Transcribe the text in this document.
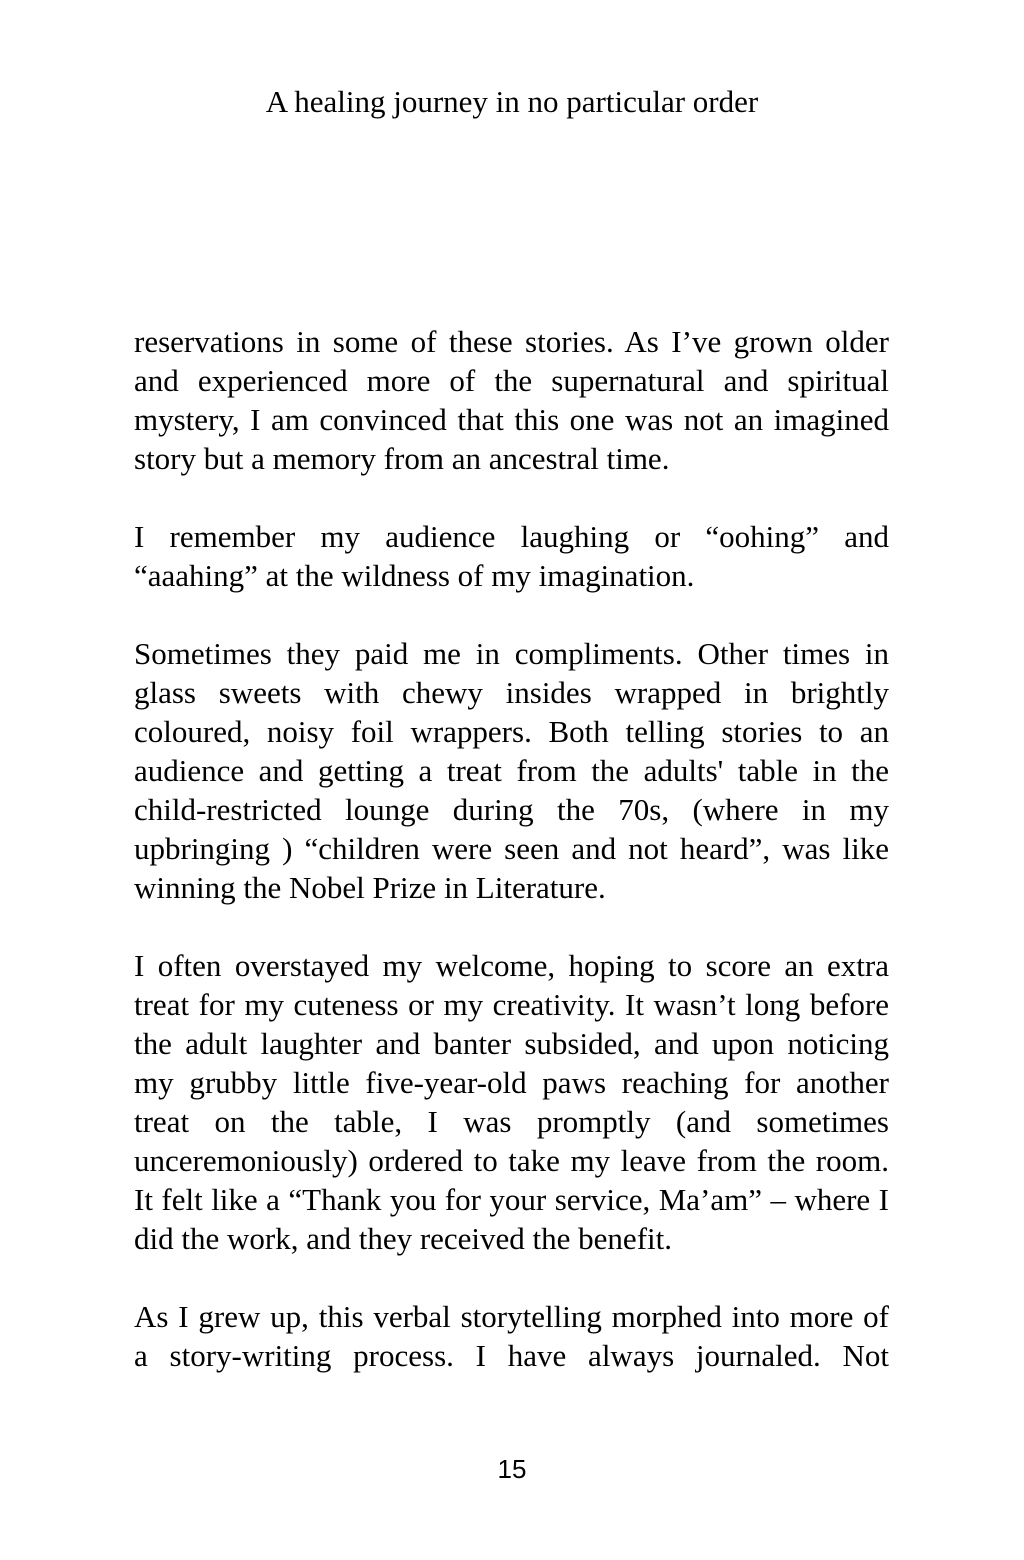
A healing journey in no particular order

reservations in some of these stories. As I’ve grown older and experienced more of the supernatural and spiritual mystery, I am convinced that this one was not an imagined story but a memory from an ancestral time.

I remember my audience laughing or “oohing” and “aaahing” at the wildness of my imagination.

Sometimes they paid me in compliments. Other times in glass sweets with chewy insides wrapped in brightly coloured, noisy foil wrappers. Both telling stories to an audience and getting a treat from the adults' table in the child-restricted lounge during the 70s, (where in my upbringing ) “children were seen and not heard”, was like winning the Nobel Prize in Literature.

I often overstayed my welcome, hoping to score an extra treat for my cuteness or my creativity. It wasn’t long before the adult laughter and banter subsided, and upon noticing my grubby little five-year-old paws reaching for another treat on the table, I was promptly (and sometimes unceremoniously) ordered to take my leave from the room. It felt like a “Thank you for your service, Ma’am” – where I did the work, and they received the benefit.

As I grew up, this verbal storytelling morphed into more of a story-writing process. I have always journaled. Not

15
